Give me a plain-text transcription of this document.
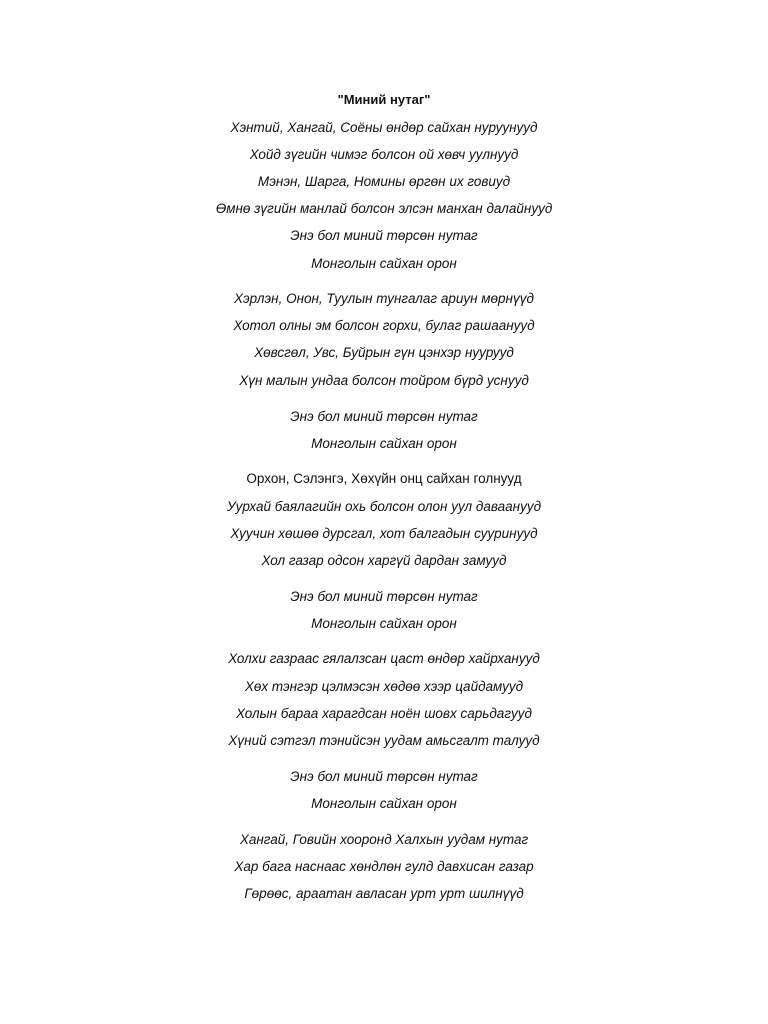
"Миний нутаг"
Хэнтий, Хангай, Соёны өндөр сайхан нуруунууд
Хойд зүгийн чимэг болсон ой хөвч уулнууд
Мэнэн, Шарга, Номины өргөн их говиуд
Өмнө зүгийн манлай болсон элсэн манхан далайнууд
Энэ бол миний төрсөн нутаг
Монголын сайхан орон
Хэрлэн, Онон, Туулын тунгалаг ариун мөрнүүд
Хотол олны эм болсон горхи, булаг рашаанууд
Хөвсгөл, Увс, Буйрын гүн цэнхэр нуурууд
Хүн малын ундаа болсон тойром бүрд уснууд
Энэ бол миний төрсөн нутаг
Монголын сайхан орон
Орхон, Сэлэнгэ, Хөхүйн онц сайхан голнууд
Уурхай баялагийн охь болсон олон уул даваанууд
Хуучин хөшөө дурсгал, хот балгадын сууринууд
Хол газар одсон харгүй дардан замууд
Энэ бол миний төрсөн нутаг
Монголын сайхан орон
Холхи газраас гялалзсан цаст өндөр хайрханууд
Хөх тэнгэр цэлмэсэн хөдөө хээр цайдамууд
Холын бараа харагдсан ноён шовх сарьдагууд
Хүний сэтгэл тэнийсэн уудам амьсгалт талууд
Энэ бол миний төрсөн нутаг
Монголын сайхан орон
Хангай, Говийн хооронд Халхын уудам нутаг
Хар бага наснаас хөндлөн гулд давхисан газар
Гөрөөс, араатан авласан урт урт шилнүүд
